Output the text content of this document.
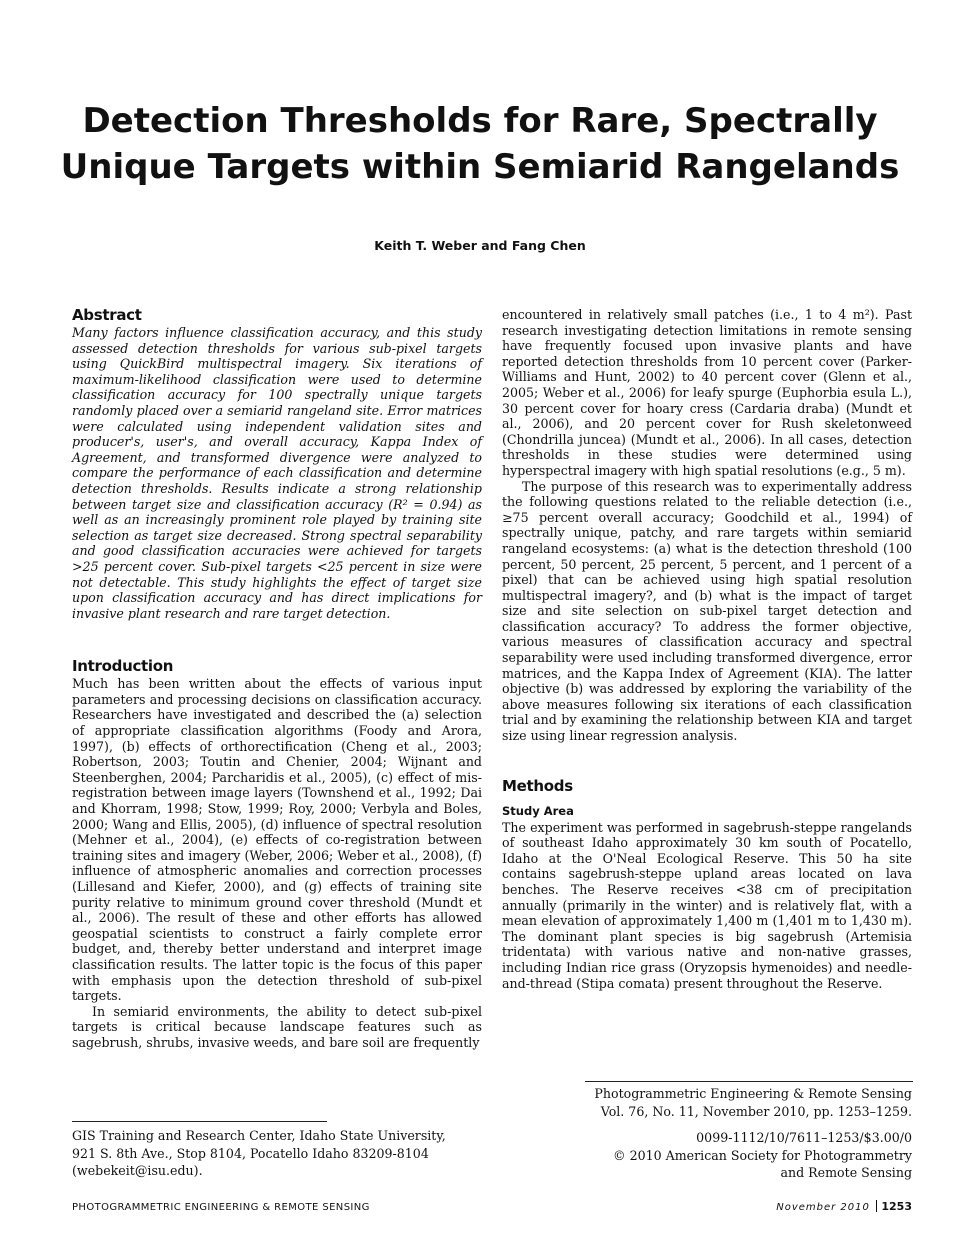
Detection Thresholds for Rare, Spectrally
Unique Targets within Semiarid Rangelands
Keith T. Weber and Fang Chen
Abstract

Many factors influence classification accuracy, and this study assessed detection thresholds for various sub-pixel targets using QuickBird multispectral imagery. Six iterations of maximum-likelihood classification were used to determine classification accuracy for 100 spectrally unique targets randomly placed over a semiarid rangeland site. Error matrices were calculated using independent validation sites and producer's, user's, and overall accuracy, Kappa Index of Agreement, and transformed divergence were analyzed to compare the performance of each classification and determine detection thresholds. Results indicate a strong relationship between target size and classification accuracy (R² = 0.94) as well as an increasingly prominent role played by training site selection as target size decreased. Strong spectral separability and good classification accuracies were achieved for targets >25 percent cover. Sub-pixel targets <25 percent in size were not detectable. This study highlights the effect of target size upon classification accuracy and has direct implications for invasive plant research and rare target detection.

Introduction

Much has been written about the effects of various input parameters and processing decisions on classification accuracy. Researchers have investigated and described the (a) selection of appropriate classification algorithms (Foody and Arora, 1997), (b) effects of orthorectification (Cheng et al., 2003; Robertson, 2003; Toutin and Chenier, 2004; Wijnant and Steenberghen, 2004; Parcharidis et al., 2005), (c) effect of mis-registration between image layers (Townshend et al., 1992; Dai and Khorram, 1998; Stow, 1999; Roy, 2000; Verbyla and Boles, 2000; Wang and Ellis, 2005), (d) influence of spectral resolution (Mehner et al., 2004), (e) effects of co-registration between training sites and imagery (Weber, 2006; Weber et al., 2008), (f) influence of atmospheric anomalies and correction processes (Lillesand and Kiefer, 2000), and (g) effects of training site purity relative to minimum ground cover threshold (Mundt et al., 2006). The result of these and other efforts has allowed geospatial scientists to construct a fairly complete error budget, and, thereby better understand and interpret image classification results. The latter topic is the focus of this paper with emphasis upon the detection threshold of sub-pixel targets.

In semiarid environments, the ability to detect sub-pixel targets is critical because landscape features such as sagebrush, shrubs, invasive weeds, and bare soil are frequently

encountered in relatively small patches (i.e., 1 to 4 m²). Past research investigating detection limitations in remote sensing have frequently focused upon invasive plants and have reported detection thresholds from 10 percent cover (Parker-Williams and Hunt, 2002) to 40 percent cover (Glenn et al., 2005; Weber et al., 2006) for leafy spurge (Euphorbia esula L.), 30 percent cover for hoary cress (Cardaria draba) (Mundt et al., 2006), and 20 percent cover for Rush skeletonweed (Chondrilla juncea) (Mundt et al., 2006). In all cases, detection thresholds in these studies were determined using hyperspectral imagery with high spatial resolutions (e.g., 5 m).

The purpose of this research was to experimentally address the following questions related to the reliable detection (i.e., ≥75 percent overall accuracy; Goodchild et al., 1994) of spectrally unique, patchy, and rare targets within semiarid rangeland ecosystems: (a) what is the detection threshold (100 percent, 50 percent, 25 percent, 5 percent, and 1 percent of a pixel) that can be achieved using high spatial resolution multispectral imagery?, and (b) what is the impact of target size and site selection on sub-pixel target detection and classification accuracy? To address the former objective, various measures of classification accuracy and spectral separability were used including transformed divergence, error matrices, and the Kappa Index of Agreement (KIA). The latter objective (b) was addressed by exploring the variability of the above measures following six iterations of each classification trial and by examining the relationship between KIA and target size using linear regression analysis.

Methods
Study Area

The experiment was performed in sagebrush-steppe rangelands of southeast Idaho approximately 30 km south of Pocatello, Idaho at the O'Neal Ecological Reserve. This 50 ha site contains sagebrush-steppe upland areas located on lava benches. The Reserve receives <38 cm of precipitation annually (primarily in the winter) and is relatively flat, with a mean elevation of approximately 1,400 m (1,401 m to 1,430 m). The dominant plant species is big sagebrush (Artemisia tridentata) with various native and non-native grasses, including Indian rice grass (Oryzopsis hymenoides) and needle-and-thread (Stipa comata) present throughout the Reserve.

GIS Training and Research Center, Idaho State University,
921 S. 8th Ave., Stop 8104, Pocatello Idaho 83209-8104
(webekeit@isu.edu).
Photogrammetric Engineering & Remote Sensing
Vol. 76, No. 11, November 2010, pp. 1253–1259.
0099-1112/10/7611–1253/$3.00/0
© 2010 American Society for Photogrammetry
and Remote Sensing
PHOTOGRAMMETRIC ENGINEERING & REMOTE SENSING	November 2010 1253
